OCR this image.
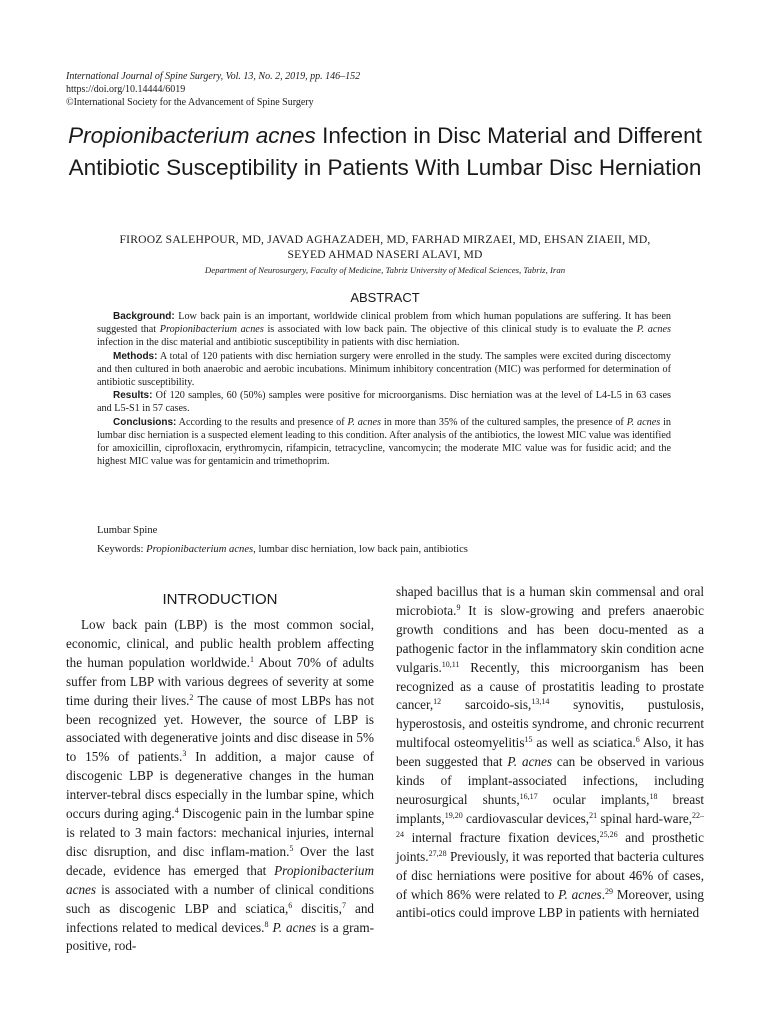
International Journal of Spine Surgery, Vol. 13, No. 2, 2019, pp. 146–152
https://doi.org/10.14444/6019
©International Society for the Advancement of Spine Surgery
Propionibacterium acnes Infection in Disc Material and Different Antibiotic Susceptibility in Patients With Lumbar Disc Herniation
FIROOZ SALEHPOUR, MD, JAVAD AGHAZADEH, MD, FARHAD MIRZAEI, MD, EHSAN ZIAEII, MD,
SEYED AHMAD NASERI ALAVI, MD
Department of Neurosurgery, Faculty of Medicine, Tabriz University of Medical Sciences, Tabriz, Iran
ABSTRACT

Background: Low back pain is an important, worldwide clinical problem from which human populations are suffering. It has been suggested that Propionibacterium acnes is associated with low back pain. The objective of this clinical study is to evaluate the P. acnes infection in the disc material and antibiotic susceptibility in patients with disc herniation.

Methods: A total of 120 patients with disc herniation surgery were enrolled in the study. The samples were excited during discectomy and then cultured in both anaerobic and aerobic incubations. Minimum inhibitory concentration (MIC) was performed for determination of antibiotic susceptibility.

Results: Of 120 samples, 60 (50%) samples were positive for microorganisms. Disc herniation was at the level of L4-L5 in 63 cases and L5-S1 in 57 cases.

Conclusions: According to the results and presence of P. acnes in more than 35% of the cultured samples, the presence of P. acnes in lumbar disc herniation is a suspected element leading to this condition. After analysis of the antibiotics, the lowest MIC value was identified for amoxicillin, ciprofloxacin, erythromycin, rifampicin, tetracycline, vancomycin; the moderate MIC value was for fusidic acid; and the highest MIC value was for gentamicin and trimethoprim.

Lumbar Spine
Keywords: Propionibacterium acnes, lumbar disc herniation, low back pain, antibiotics
INTRODUCTION

Low back pain (LBP) is the most common social, economic, clinical, and public health problem affecting the human population worldwide.$^1$ About 70% of adults suffer from LBP with various degrees of severity at some time during their lives.$^2$ The cause of most LBPs has not been recognized yet. However, the source of LBP is associated with degenerative joints and disc disease in 5% to 15% of patients.$^3$ In addition, a major cause of discogenic LBP is degenerative changes in the human interver-tebral discs especially in the lumbar spine, which occurs during aging.$^4$ Discogenic pain in the lumbar spine is related to 3 main factors: mechanical injuries, internal disc disruption, and disc inflam-mation.$^5$ Over the last decade, evidence has emerged that Propionibacterium acnes is associated with a number of clinical conditions such as discogenic LBP and sciatica,$^6$ discitis,$^7$ and infections related to medical devices.$^8$ P. acnes is a gram-positive, rod-

shaped bacillus that is a human skin commensal and oral microbiota.$^9$ It is slow-growing and prefers anaerobic growth conditions and has been docu-mented as a pathogenic factor in the inflammatory skin condition acne vulgaris.$^{10,11}$ Recently, this microorganism has been recognized as a cause of prostatitis leading to prostate cancer,$^{12}$ sarcoido-sis,$^{13,14}$ synovitis, pustulosis, hyperostosis, and osteitis syndrome, and chronic recurrent multifocal osteomyelitis$^{15}$ as well as sciatica.$^6$ Also, it has been suggested that P. acnes can be observed in various kinds of implant-associated infections, including neurosurgical shunts,$^{16,17}$ ocular implants,$^{18}$ breast implants,$^{19,20}$ cardiovascular devices,$^{21}$ spinal hard-ware,$^{22-24}$ internal fracture fixation devices,$^{25,26}$ and prosthetic joints.$^{27,28}$ Previously, it was reported that bacteria cultures of disc herniations were positive for about 46% of cases, of which 86% were related to P. acnes.$^{29}$ Moreover, using antibi-otics could improve LBP in patients with herniated
